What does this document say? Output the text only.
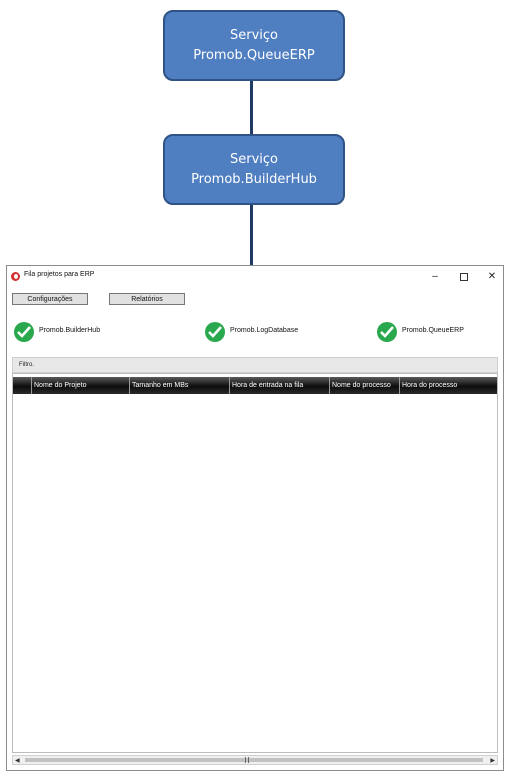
Serviço
Promob.QueueERP
Serviço
Promob.BuilderHub
Fila projetos para ERP	–	✕
Configurações	Relatórios
Promob.BuilderHub	Promob.LogDatabase	Promob.QueueERP
Filtro.
Nome do Projeto	Tamanho em MBs	Hora de entrada na fila	Nome do processo	Hora do processo
◀	▶
